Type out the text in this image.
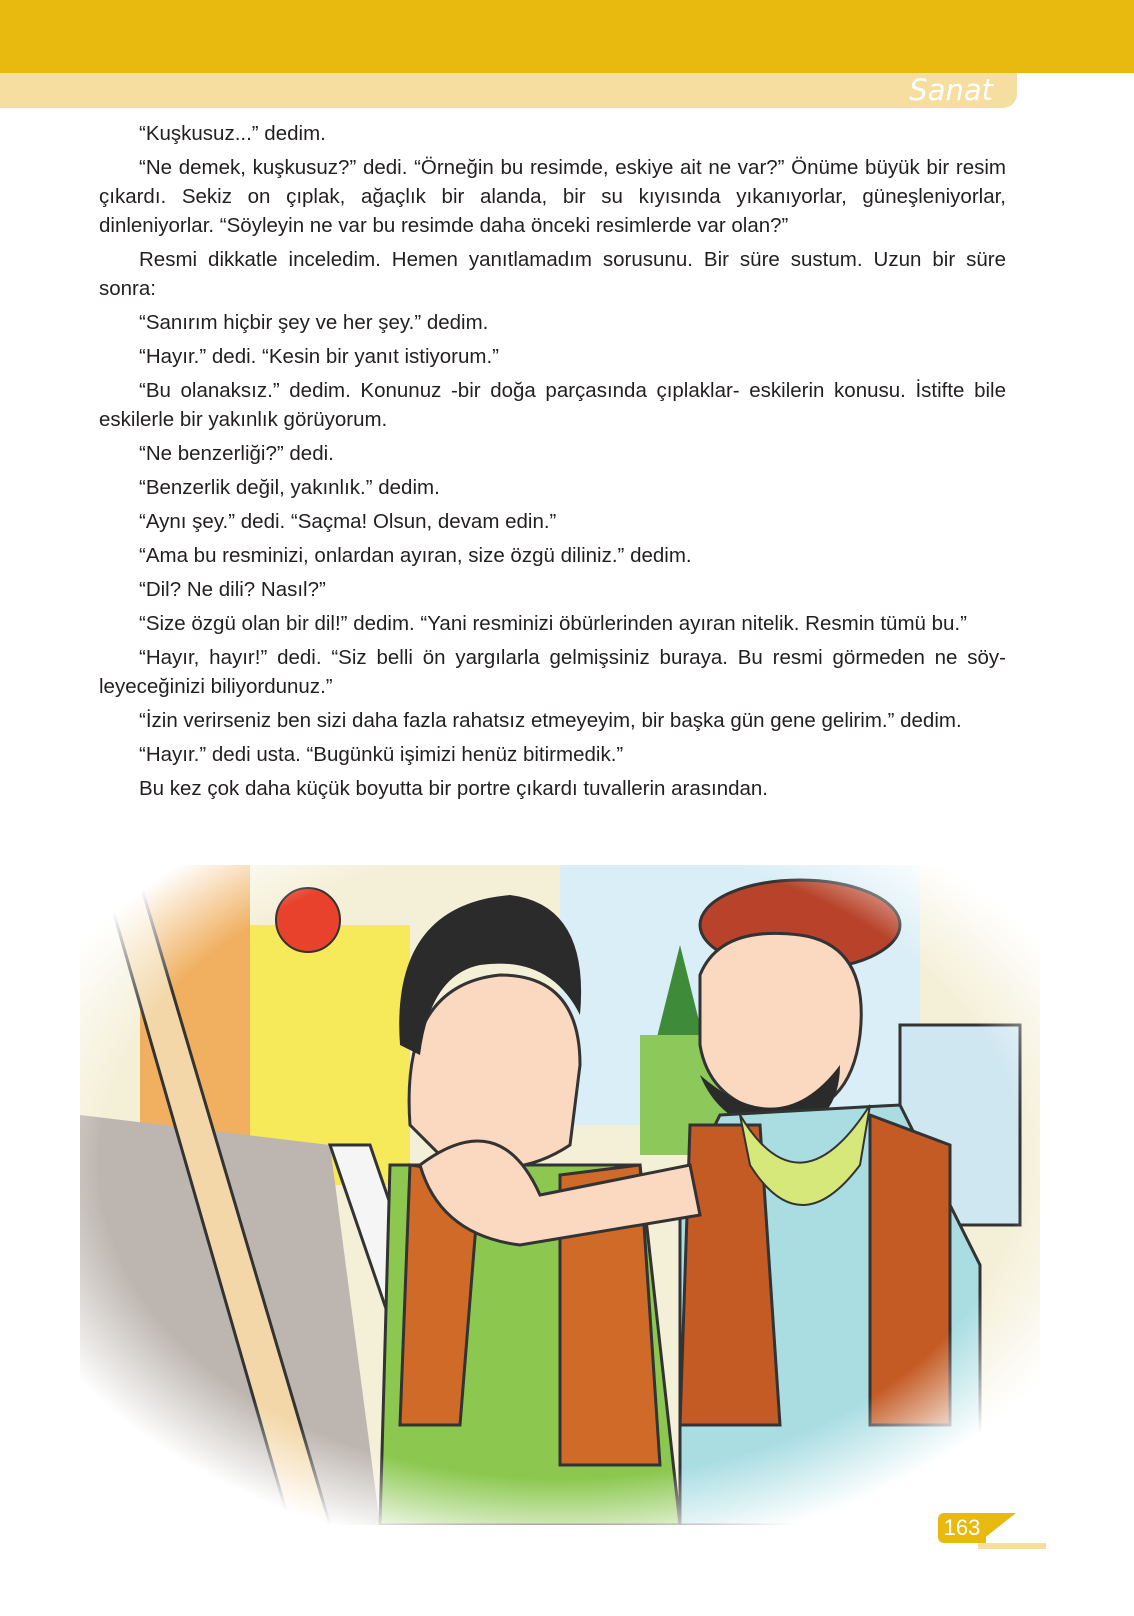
Sanat

“Kuşkusuz...” dedim.

“Ne demek, kuşkusuz?” dedi. “Örneğin bu resimde, eskiye ait ne var?” Önüme büyük bir resim çıkardı. Sekiz on çıplak, ağaçlık bir alanda, bir su kıyısında yıkanıyorlar, güneşleniyorlar, dinleniyorlar. “Söyleyin ne var bu resimde daha önceki resimlerde var olan?”

Resmi dikkatle inceledim. Hemen yanıtlamadım sorusunu. Bir süre sustum. Uzun bir süre sonra:

“Sanırım hiçbir şey ve her şey.” dedim.

“Hayır.” dedi. “Kesin bir yanıt istiyorum.”

“Bu olanaksız.” dedim. Konunuz -bir doğa parçasında çıplaklar- eskilerin konusu. İstifte bile eskilerle bir yakınlık görüyorum.

“Ne benzerliği?” dedi.

“Benzerlik değil, yakınlık.” dedim.

“Aynı şey.” dedi. “Saçma! Olsun, devam edin.”

“Ama bu resminizi, onlardan ayıran, size özgü diliniz.” dedim.

“Dil? Ne dili? Nasıl?”

“Size özgü olan bir dil!” dedim. “Yani resminizi öbürlerinden ayıran nitelik. Resmin tümü bu.”

“Hayır, hayır!” dedi. “Siz belli ön yargılarla gelmişsiniz buraya. Bu resmi görmeden ne söy-leyeceğinizi biliyordunuz.”

“İzin verirseniz ben sizi daha fazla rahatsız etmeyeyim, bir başka gün gene gelirim.” dedim.

“Hayır.” dedi usta. “Bugünkü işimizi henüz bitirmedik.”

Bu kez çok daha küçük boyutta bir portre çıkardı tuvallerin arasından.

163
